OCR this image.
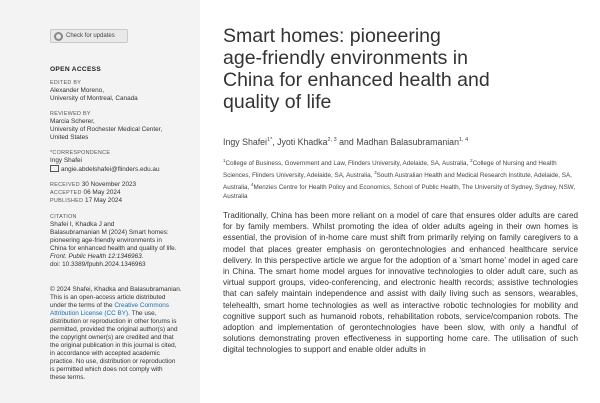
Check for updates
OPEN ACCESS
EDITED BY
Alexander Moreno,
University of Montreal, Canada
REVIEWED BY
Marcia Scherer,
University of Rochester Medical Center,
United States
*CORRESPONDENCE
Ingy Shafei
angie.abdelshafei@flinders.edu.au
RECEIVED 30 November 2023
ACCEPTED 06 May 2024
PUBLISHED 17 May 2024
CITATION
Shafei I, Khadka J and
Balasubramanian M (2024) Smart homes:
pioneering age-friendly environments in
China for enhanced health and quality of life.
Front. Public Health 12:1346963.
doi: 10.3389/fpubh.2024.1346963
© 2024 Shafei, Khadka and Balasubramanian.
This is an open-access article distributed
under the terms of the Creative Commons
Attribution License (CC BY). The use,
distribution or reproduction in other forums is
permitted, provided the original author(s) and
the copyright owner(s) are credited and that
the original publication in this journal is cited,
in accordance with accepted academic
practice. No use, distribution or reproduction
is permitted which does not comply with
these terms.
Smart homes: pioneering
age-friendly environments in
China for enhanced health and
quality of life
Ingy Shafei$^{1*}$, Jyoti Khadka$^{2, 3}$ and Madhan Balasubramanian$^{1, 4}$
$^1$College of Business, Government and Law, Flinders University, Adelaide, SA, Australia, $^2$College of Nursing and Health Sciences, Flinders University, Adelaide, SA, Australia, $^3$South Australian Health and Medical Research Institute, Adelaide, SA, Australia, $^4$Menzies Centre for Health Policy and Economics, School of Public Health, The University of Sydney, Sydney, NSW, Australia
Traditionally, China has been more reliant on a model of care that ensures older adults are cared for by family members. Whilst promoting the idea of older adults ageing in their own homes is essential, the provision of in-home care must shift from primarily relying on family caregivers to a model that places greater emphasis on gerontechnologies and enhanced healthcare service delivery. In this perspective article we argue for the adoption of a ‘smart home’ model in aged care in China. The smart home model argues for innovative technologies to older adult care, such as virtual support groups, video-conferencing, and electronic health records; assistive technologies that can safely maintain independence and assist with daily living such as sensors, wearables, telehealth, smart home technologies as well as interactive robotic technologies for mobility and cognitive support such as humanoid robots, rehabilitation robots, service/companion robots. The adoption and implementation of gerontechnologies have been slow, with only a handful of solutions demonstrating proven effectiveness in supporting home care. The utilisation of such digital technologies to support and enable older adults in
